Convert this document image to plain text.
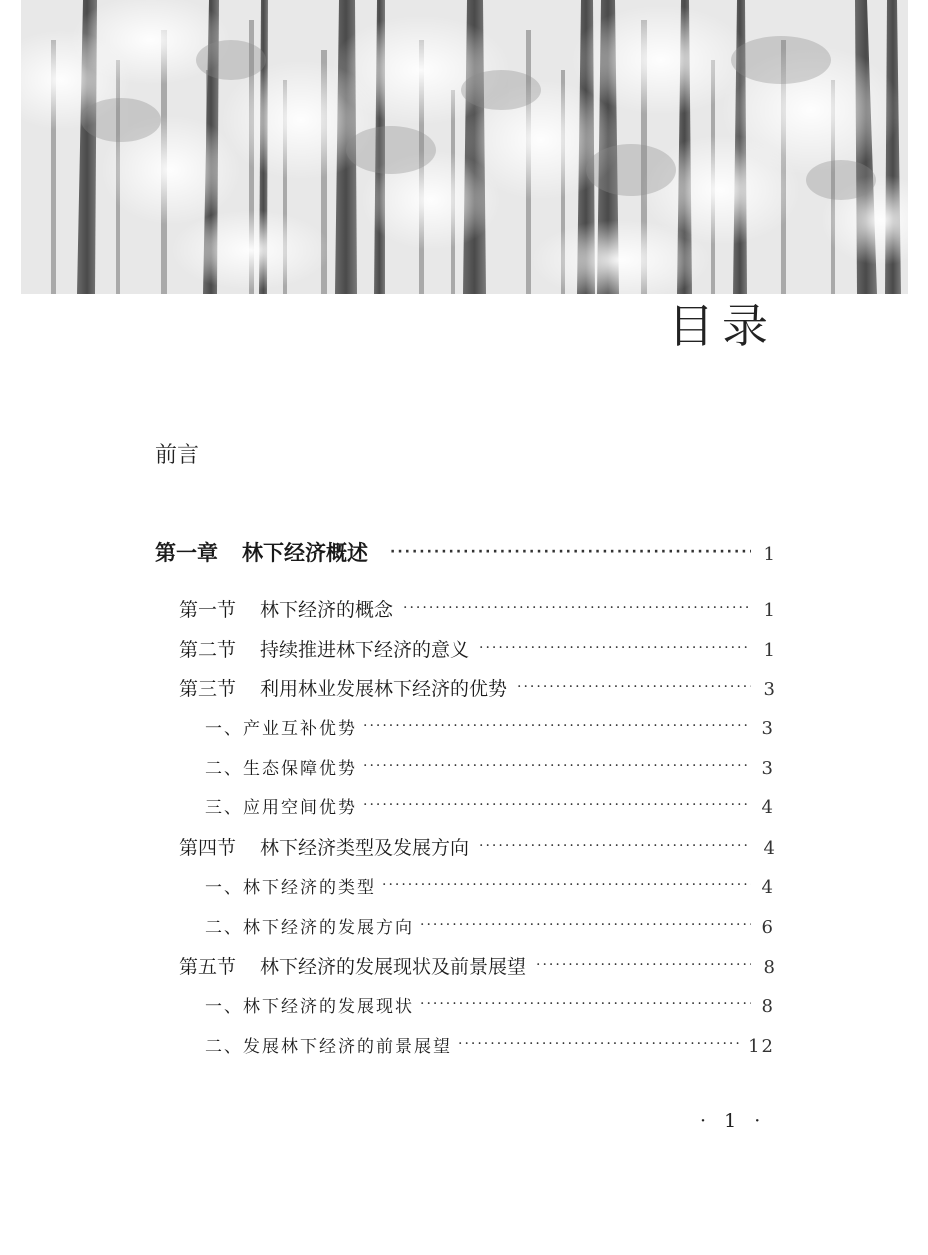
目录
前言
第一章 林下经济概述 ·····	1
第一节 林下经济的概念 ·····	1
第二节 持续推进林下经济的意义 ·····	1
第三节 利用林业发展林下经济的优势 ·····	3
一、产业互补优势 ·····	3
二、生态保障优势 ·····	3
三、应用空间优势 ·····	4
第四节 林下经济类型及发展方向 ·····	4
一、林下经济的类型 ·····	4
二、林下经济的发展方向 ·····	6
第五节 林下经济的发展现状及前景展望 ·····	8
一、林下经济的发展现状 ·····	8
二、发展林下经济的前景展望 ·····	12
· 1 ·
